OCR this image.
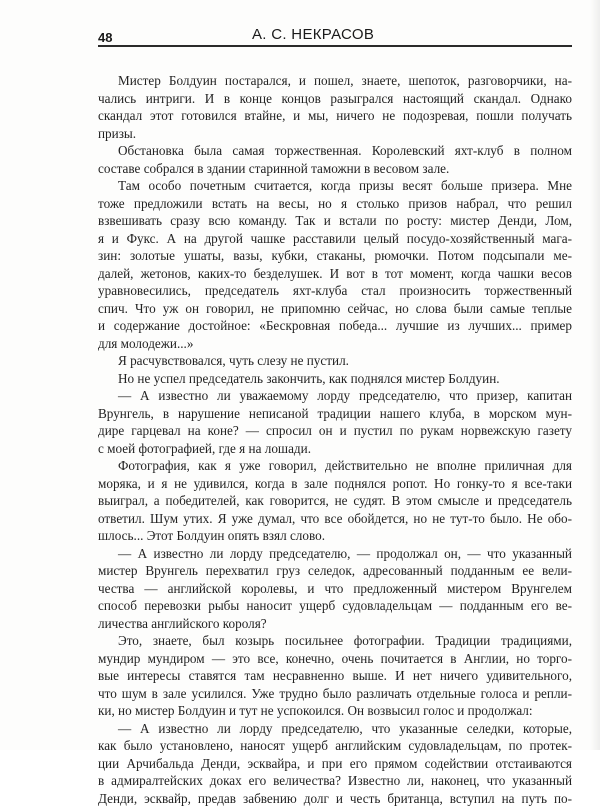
48	А. С. НЕКРАСОВ
Мистер Болдуин постарался, и пошел, знаете, шепоток, разговорчики, на-
чались интриги. И в конце концов разыгрался настоящий скандал. Однако
скандал этот готовился втайне, и мы, ничего не подозревая, пошли получать
призы.
Обстановка была самая торжественная. Королевский яхт-клуб в полном
составе собрался в здании старинной таможни в весовом зале.
Там особо почетным считается, когда призы весят больше призера. Мне
тоже предложили встать на весы, но я столько призов набрал, что решил
взвешивать сразу всю команду. Так и встали по росту: мистер Денди, Лом,
я и Фукс. А на другой чашке расставили целый посудо-хозяйственный мага-
зин: золотые ушаты, вазы, кубки, стаканы, рюмочки. Потом подсыпали ме-
далей, жетонов, каких-то безделушек. И вот в тот момент, когда чашки весов
уравновесились, председатель яхт-клуба стал произносить торжественный
спич. Что уж он говорил, не припомню сейчас, но слова были самые теплые
и содержание достойное: «Бескровная победа... лучшие из лучших... пример
для молодежи...»
Я расчувствовался, чуть слезу не пустил.
Но не успел председатель закончить, как поднялся мистер Болдуин.
— А известно ли уважаемому лорду председателю, что призер, капитан
Врунгель, в нарушение неписаной традиции нашего клуба, в морском мун-
дире гарцевал на коне? — спросил он и пустил по рукам норвежскую газету
с моей фотографией, где я на лошади.
Фотография, как я уже говорил, действительно не вполне приличная для
моряка, и я не удивился, когда в зале поднялся ропот. Но гонку-то я все-таки
выиграл, а победителей, как говорится, не судят. В этом смысле и председатель
ответил. Шум утих. Я уже думал, что все обойдется, но не тут-то было. Не обо-
шлось... Этот Болдуин опять взял слово.
— А известно ли лорду председателю, — продолжал он, — что указанный
мистер Врунгель перехватил груз селедок, адресованный подданным ее вели-
чества — английской королевы, и что предложенный мистером Врунгелем
способ перевозки рыбы наносит ущерб судовладельцам — подданным его ве-
личества английского короля?
Это, знаете, был козырь посильнее фотографии. Традиции традициями,
мундир мундиром — это все, конечно, очень почитается в Англии, но торго-
вые интересы ставятся там несравненно выше. И нет ничего удивительного,
что шум в зале усилился. Уже трудно было различать отдельные голоса и репли-
ки, но мистер Болдуин и тут не успокоился. Он возвысил голос и продолжал:
— А известно ли лорду председателю, что указанные селедки, которые,
как было установлено, наносят ущерб английским судовладельцам, по протек-
ции Арчибальда Денди, эсквайра, и при его прямом содействии отстаиваются
в адмиралтейских доках его величества? Известно ли, наконец, что указанный
Денди, эсквайр, предав забвению долг и честь британца, вступил на путь по-
